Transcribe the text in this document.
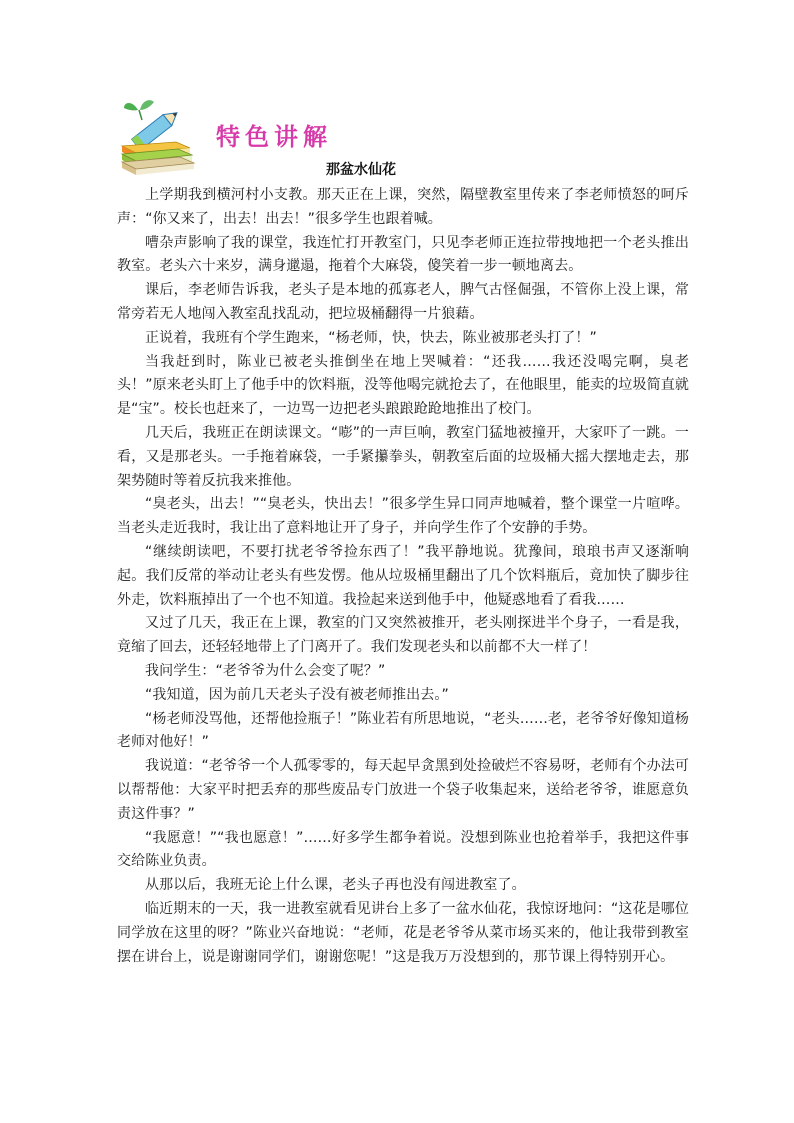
特色讲解
那盆水仙花

上学期我到横河村小支教。那天正在上课，突然，隔壁教室里传来了李老师愤怒的呵斥声：“你又来了，出去！出去！”很多学生也跟着喊。

嘈杂声影响了我的课堂，我连忙打开教室门，只见李老师正连拉带拽地把一个老头推出教室。老头六十来岁，满身邋遢，拖着个大麻袋，傻笑着一步一顿地离去。

课后，李老师告诉我，老头子是本地的孤寡老人，脾气古怪倔强，不管你上没上课，常常旁若无人地闯入教室乱找乱动，把垃圾桶翻得一片狼藉。

正说着，我班有个学生跑来，“杨老师，快，快去，陈业被那老头打了！”

当我赶到时，陈业已被老头推倒坐在地上哭喊着：“还我……我还没喝完啊，臭老头！”原来老头盯上了他手中的饮料瓶，没等他喝完就抢去了，在他眼里，能卖的垃圾简直就是“宝”。校长也赶来了，一边骂一边把老头踉踉跄跄地推出了校门。

几天后，我班正在朗读课文。“嘭”的一声巨响，教室门猛地被撞开，大家吓了一跳。一看，又是那老头。一手拖着麻袋，一手紧攥拳头，朝教室后面的垃圾桶大摇大摆地走去，那架势随时等着反抗我来推他。

“臭老头，出去！”“臭老头，快出去！”很多学生异口同声地喊着，整个课堂一片喧哗。当老头走近我时，我让出了意料地让开了身子，并向学生作了个安静的手势。

“继续朗读吧，不要打扰老爷爷捡东西了！”我平静地说。犹豫间，琅琅书声又逐渐响起。我们反常的举动让老头有些发愣。他从垃圾桶里翻出了几个饮料瓶后，竟加快了脚步往外走，饮料瓶掉出了一个也不知道。我捡起来送到他手中，他疑惑地看了看我……

又过了几天，我正在上课，教室的门又突然被推开，老头刚探进半个身子，一看是我，竟缩了回去，还轻轻地带上了门离开了。我们发现老头和以前都不大一样了！

我问学生：“老爷爷为什么会变了呢？”

“我知道，因为前几天老头子没有被老师推出去。”

“杨老师没骂他，还帮他捡瓶子！”陈业若有所思地说，“老头……老，老爷爷好像知道杨老师对他好！”

我说道：“老爷爷一个人孤零零的，每天起早贪黑到处捡破烂不容易呀，老师有个办法可以帮帮他：大家平时把丢弃的那些废品专门放进一个袋子收集起来，送给老爷爷，谁愿意负责这件事？”

“我愿意！”“我也愿意！”……好多学生都争着说。没想到陈业也抢着举手，我把这件事交给陈业负责。

从那以后，我班无论上什么课，老头子再也没有闯进教室了。

临近期末的一天，我一进教室就看见讲台上多了一盆水仙花，我惊讶地问：“这花是哪位同学放在这里的呀？”陈业兴奋地说：“老师，花是老爷爷从菜市场买来的，他让我带到教室摆在讲台上，说是谢谢同学们，谢谢您呢！”这是我万万没想到的，那节课上得特别开心。
